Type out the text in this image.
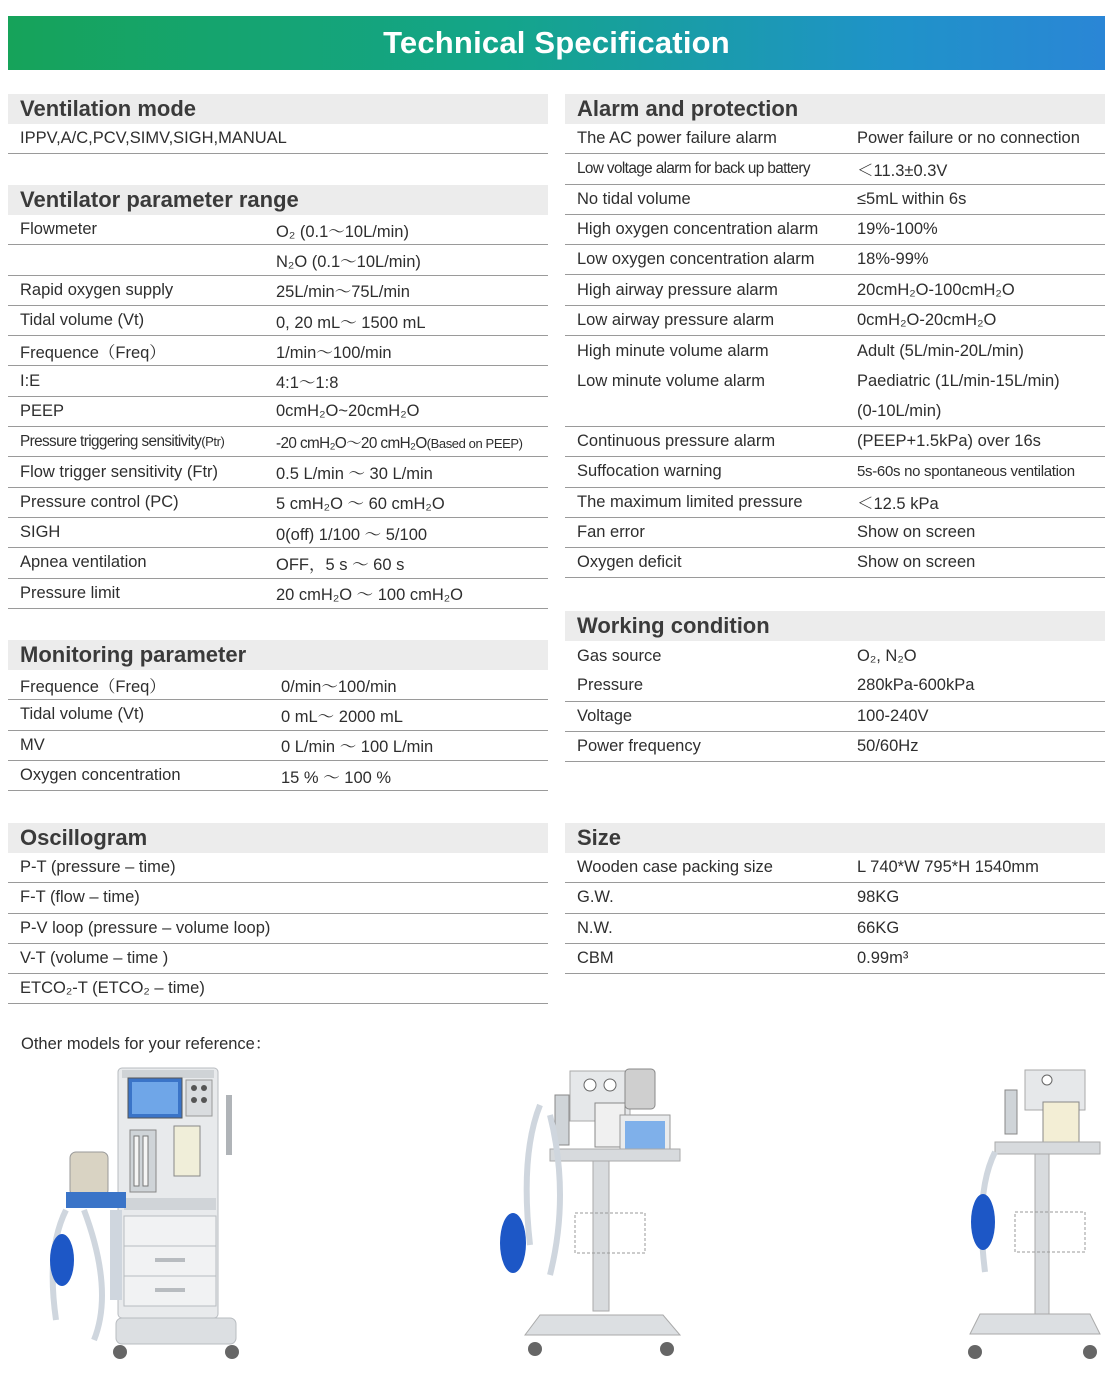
Technical Specification
Ventilation mode
IPPV,A/C,PCV,SIMV,SIGH,MANUAL
Ventilator parameter range
Flowmeter	O₂ (0.1～10L/min)
N₂O (0.1～10L/min)
Rapid oxygen supply	25L/min～75L/min
Tidal volume (Vt)	0, 20 mL～ 1500 mL
Frequence（Freq）	1/min～100/min
I:E	4:1～1:8
PEEP	0cmH₂O~20cmH₂O
Pressure triggering sensitivity(Ptr)	-20 cmH₂O～20 cmH₂O(Based on PEEP)
Flow trigger sensitivity (Ftr)	0.5 L/min ～ 30 L/min
Pressure control (PC)	5 cmH₂O ～ 60 cmH₂O
SIGH	0(off) 1/100 ～ 5/100
Apnea ventilation	OFF，5 s ～ 60 s
Pressure limit	20 cmH₂O ～ 100 cmH₂O
Monitoring parameter
Frequence（Freq）	0/min～100/min
Tidal volume (Vt)	0 mL～ 2000 mL
MV	0 L/min ～ 100 L/min
Oxygen concentration	15 % ～ 100 %
Oscillogram
P-T (pressure – time)
F-T (flow – time)
P-V loop (pressure – volume loop)
V-T (volume – time )
ETCO₂-T (ETCO₂ – time)
Alarm and protection
The AC power failure alarm	Power failure or no connection
Low voltage alarm for back up battery	＜11.3±0.3V
No tidal volume	≤5mL within 6s
High oxygen concentration alarm	19%-100%
Low oxygen concentration alarm	18%-99%
High airway pressure alarm	20cmH₂O-100cmH₂O
Low airway pressure alarm	0cmH₂O-20cmH₂O
High minute volume alarm	Adult (5L/min-20L/min)
Low minute volume alarm	Paediatric (1L/min-15L/min)
(0-10L/min)
Continuous pressure alarm	(PEEP+1.5kPa) over 16s
Suffocation warning	5s-60s no spontaneous ventilation
The maximum limited pressure	＜12.5 kPa
Fan error	Show on screen
Oxygen deficit	Show on screen
Working condition
Gas source	O₂, N₂O
Pressure	280kPa-600kPa
Voltage	100-240V
Power frequency	50/60Hz
Size
Wooden case packing size	L 740*W 795*H 1540mm
G.W.	98KG
N.W.	66KG
CBM	0.99m³
Other models for your reference：
